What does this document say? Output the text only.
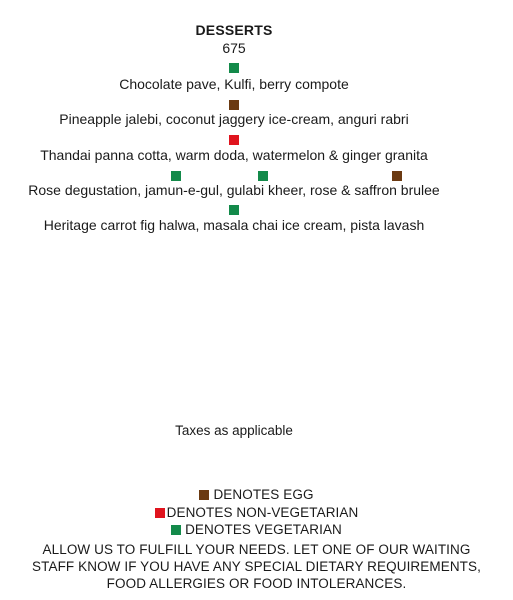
DESSERTS
675
Chocolate pave, Kulfi, berry compote
Pineapple jalebi, coconut jaggery ice-cream, anguri rabri
Thandai panna cotta, warm doda, watermelon & ginger granita
Rose degustation, jamun-e-gul, gulabi kheer, rose & saffron brulee
Heritage carrot fig halwa, masala chai ice cream, pista lavash
Taxes as applicable
DENOTES EGG
DENOTES NON-VEGETARIAN
DENOTES VEGETARIAN
ALLOW US TO FULFILL YOUR NEEDS. LET ONE OF OUR WAITING
STAFF KNOW IF YOU HAVE ANY SPECIAL DIETARY REQUIREMENTS,
FOOD ALLERGIES OR FOOD INTOLERANCES.
